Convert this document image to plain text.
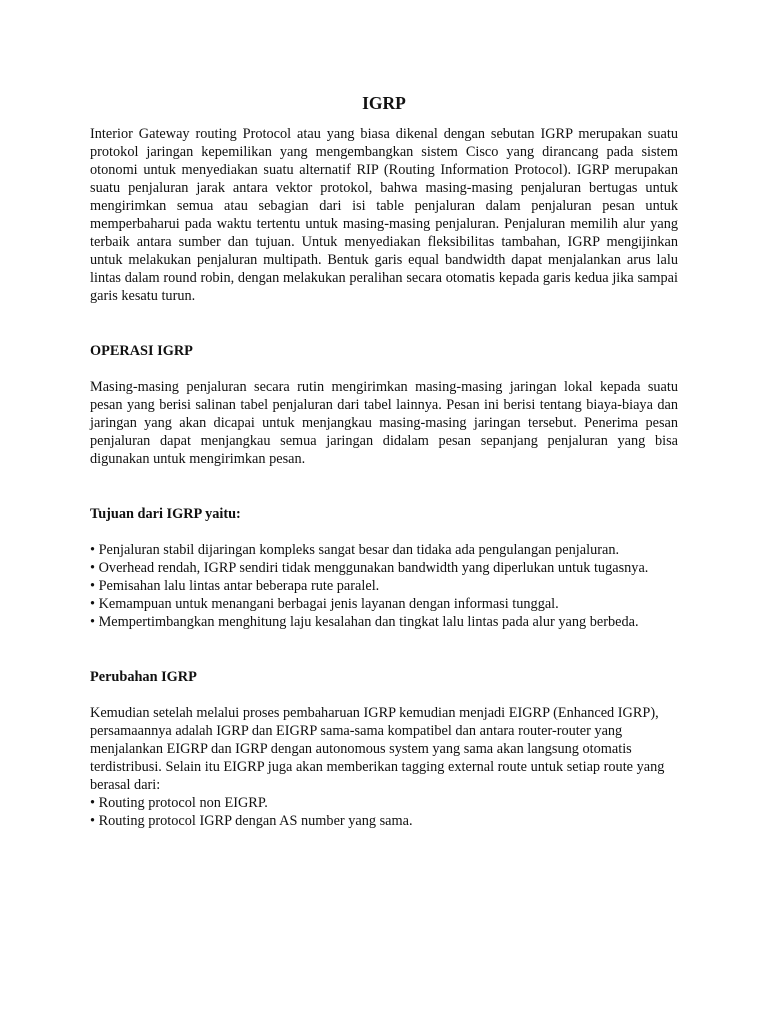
IGRP

Interior Gateway routing Protocol atau yang biasa dikenal dengan sebutan IGRP merupakan suatu protokol jaringan kepemilikan yang mengembangkan sistem Cisco yang dirancang pada sistem otonomi untuk menyediakan suatu alternatif RIP (Routing Information Protocol). IGRP merupakan suatu penjaluran jarak antara vektor protokol, bahwa masing-masing penjaluran bertugas untuk mengirimkan semua atau sebagian dari isi table penjaluran dalam penjaluran pesan untuk memperbaharui pada waktu tertentu untuk masing-masing penjaluran. Penjaluran memilih alur yang terbaik antara sumber dan tujuan. Untuk menyediakan fleksibilitas tambahan, IGRP mengijinkan untuk melakukan penjaluran multipath. Bentuk garis equal bandwidth dapat menjalankan arus lalu lintas dalam round robin, dengan melakukan peralihan secara otomatis kepada garis kedua jika sampai garis kesatu turun.

OPERASI IGRP

Masing-masing penjaluran secara rutin mengirimkan masing-masing jaringan lokal kepada suatu pesan yang berisi salinan tabel penjaluran dari tabel lainnya. Pesan ini berisi tentang biaya-biaya dan jaringan yang akan dicapai untuk menjangkau masing-masing jaringan tersebut. Penerima pesan penjaluran dapat menjangkau semua jaringan didalam pesan sepanjang penjaluran yang bisa digunakan untuk mengirimkan pesan.

Tujuan dari IGRP yaitu:

• Penjaluran stabil dijaringan kompleks sangat besar dan tidaka ada pengulangan penjaluran.
• Overhead rendah, IGRP sendiri tidak menggunakan bandwidth yang diperlukan untuk tugasnya.
• Pemisahan lalu lintas antar beberapa rute paralel.
• Kemampuan untuk menangani berbagai jenis layanan dengan informasi tunggal.
• Mempertimbangkan menghitung laju kesalahan dan tingkat lalu lintas pada alur yang berbeda.

Perubahan IGRP

Kemudian setelah melalui proses pembaharuan IGRP kemudian menjadi EIGRP (Enhanced IGRP), persamaannya adalah IGRP dan EIGRP sama-sama kompatibel dan antara router-router yang menjalankan EIGRP dan IGRP dengan autonomous system yang sama akan langsung otomatis terdistribusi. Selain itu EIGRP juga akan memberikan tagging external route untuk setiap route yang berasal dari:

• Routing protocol non EIGRP.
• Routing protocol IGRP dengan AS number yang sama.
